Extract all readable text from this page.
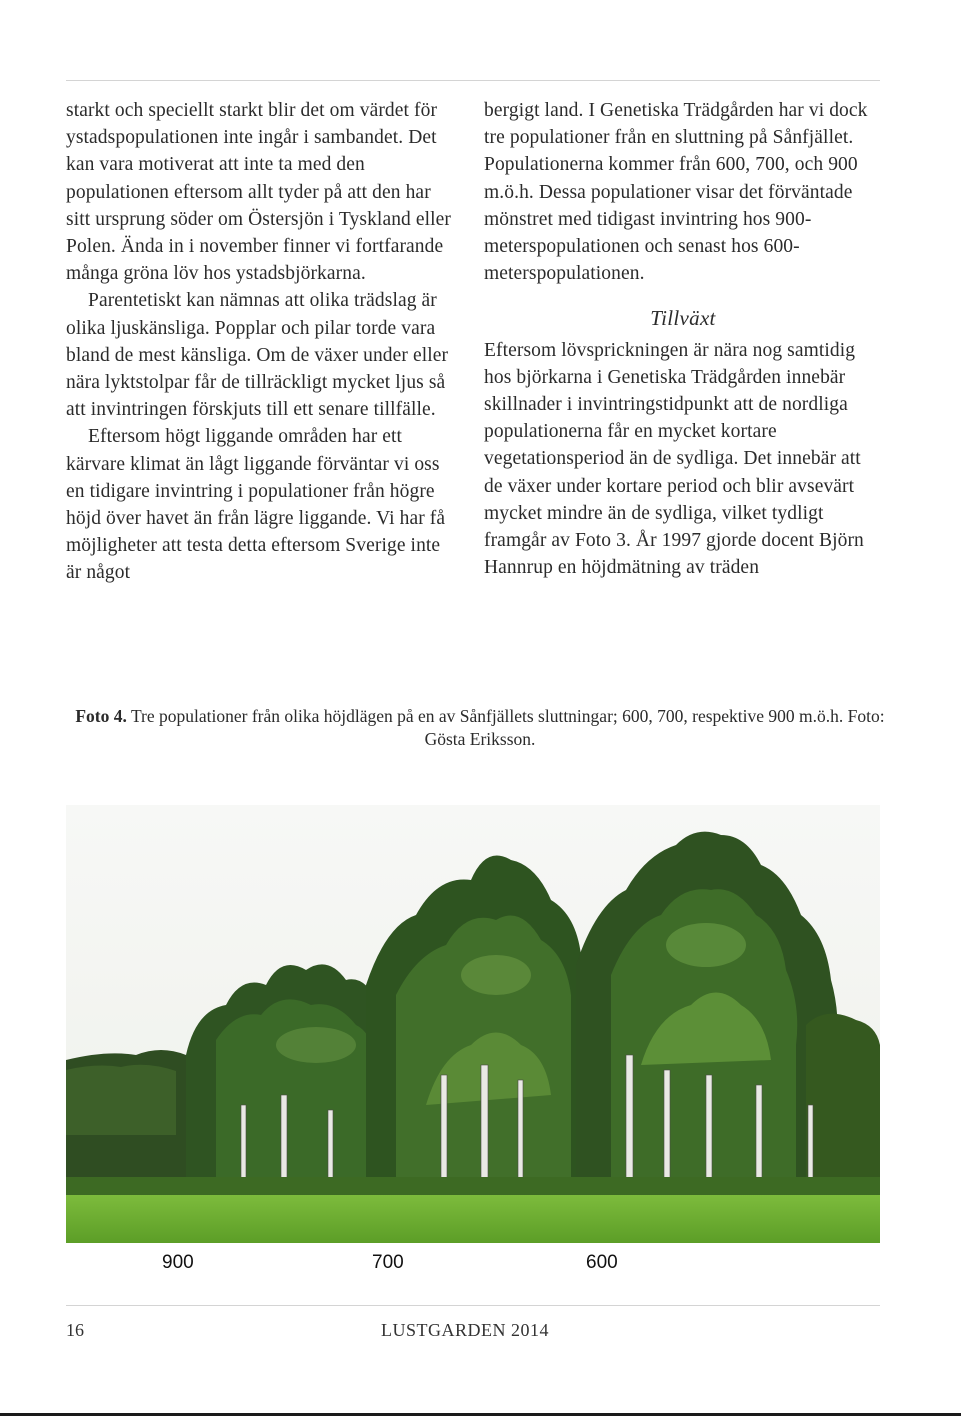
starkt och speciellt starkt blir det om värdet för ystadspopulationen inte ingår i sambandet. Det kan vara motiverat att inte ta med den populationen eftersom allt tyder på att den har sitt ursprung söder om Östersjön i Tyskland eller Polen. Ända in i november finner vi fortfarande många gröna löv hos ystadsbjörkarna.

Parentetiskt kan nämnas att olika trädslag är olika ljuskänsliga. Popplar och pilar torde vara bland de mest känsliga. Om de växer under eller nära lyktstolpar får de tillräckligt mycket ljus så att invintringen förskjuts till ett senare tillfälle.

Eftersom högt liggande områden har ett kärvare klimat än lågt liggande förväntar vi oss en tidigare invintring i populationer från högre höjd över havet än från lägre liggande. Vi har få möjligheter att testa detta eftersom Sverige inte är något

bergigt land. I Genetiska Trädgården har vi dock tre populationer från en sluttning på Sånfjället. Populationerna kommer från 600, 700, och 900 m.ö.h. Dessa populationer visar det förväntade mönstret med tidigast invintring hos 900-meterspopulationen och senast hos 600-meterspopulationen.

Tillväxt

Eftersom lövsprickningen är nära nog samtidig hos björkarna i Genetiska Trädgården innebär skillnader i invintringstidpunkt att de nordliga populationerna får en mycket kortare vegetationsperiod än de sydliga. Det innebär att de växer under kortare period och blir avsevärt mycket mindre än de sydliga, vilket tydligt framgår av Foto 3. År 1997 gjorde docent Björn Hannrup en höjdmätning av träden

Foto 4. Tre populationer från olika höjdlägen på en av Sånfjällets sluttningar; 600, 700, respektive 900 m.ö.h. Foto: Gösta Eriksson.
900	700	600
16	LUSTGARDEN 2014
